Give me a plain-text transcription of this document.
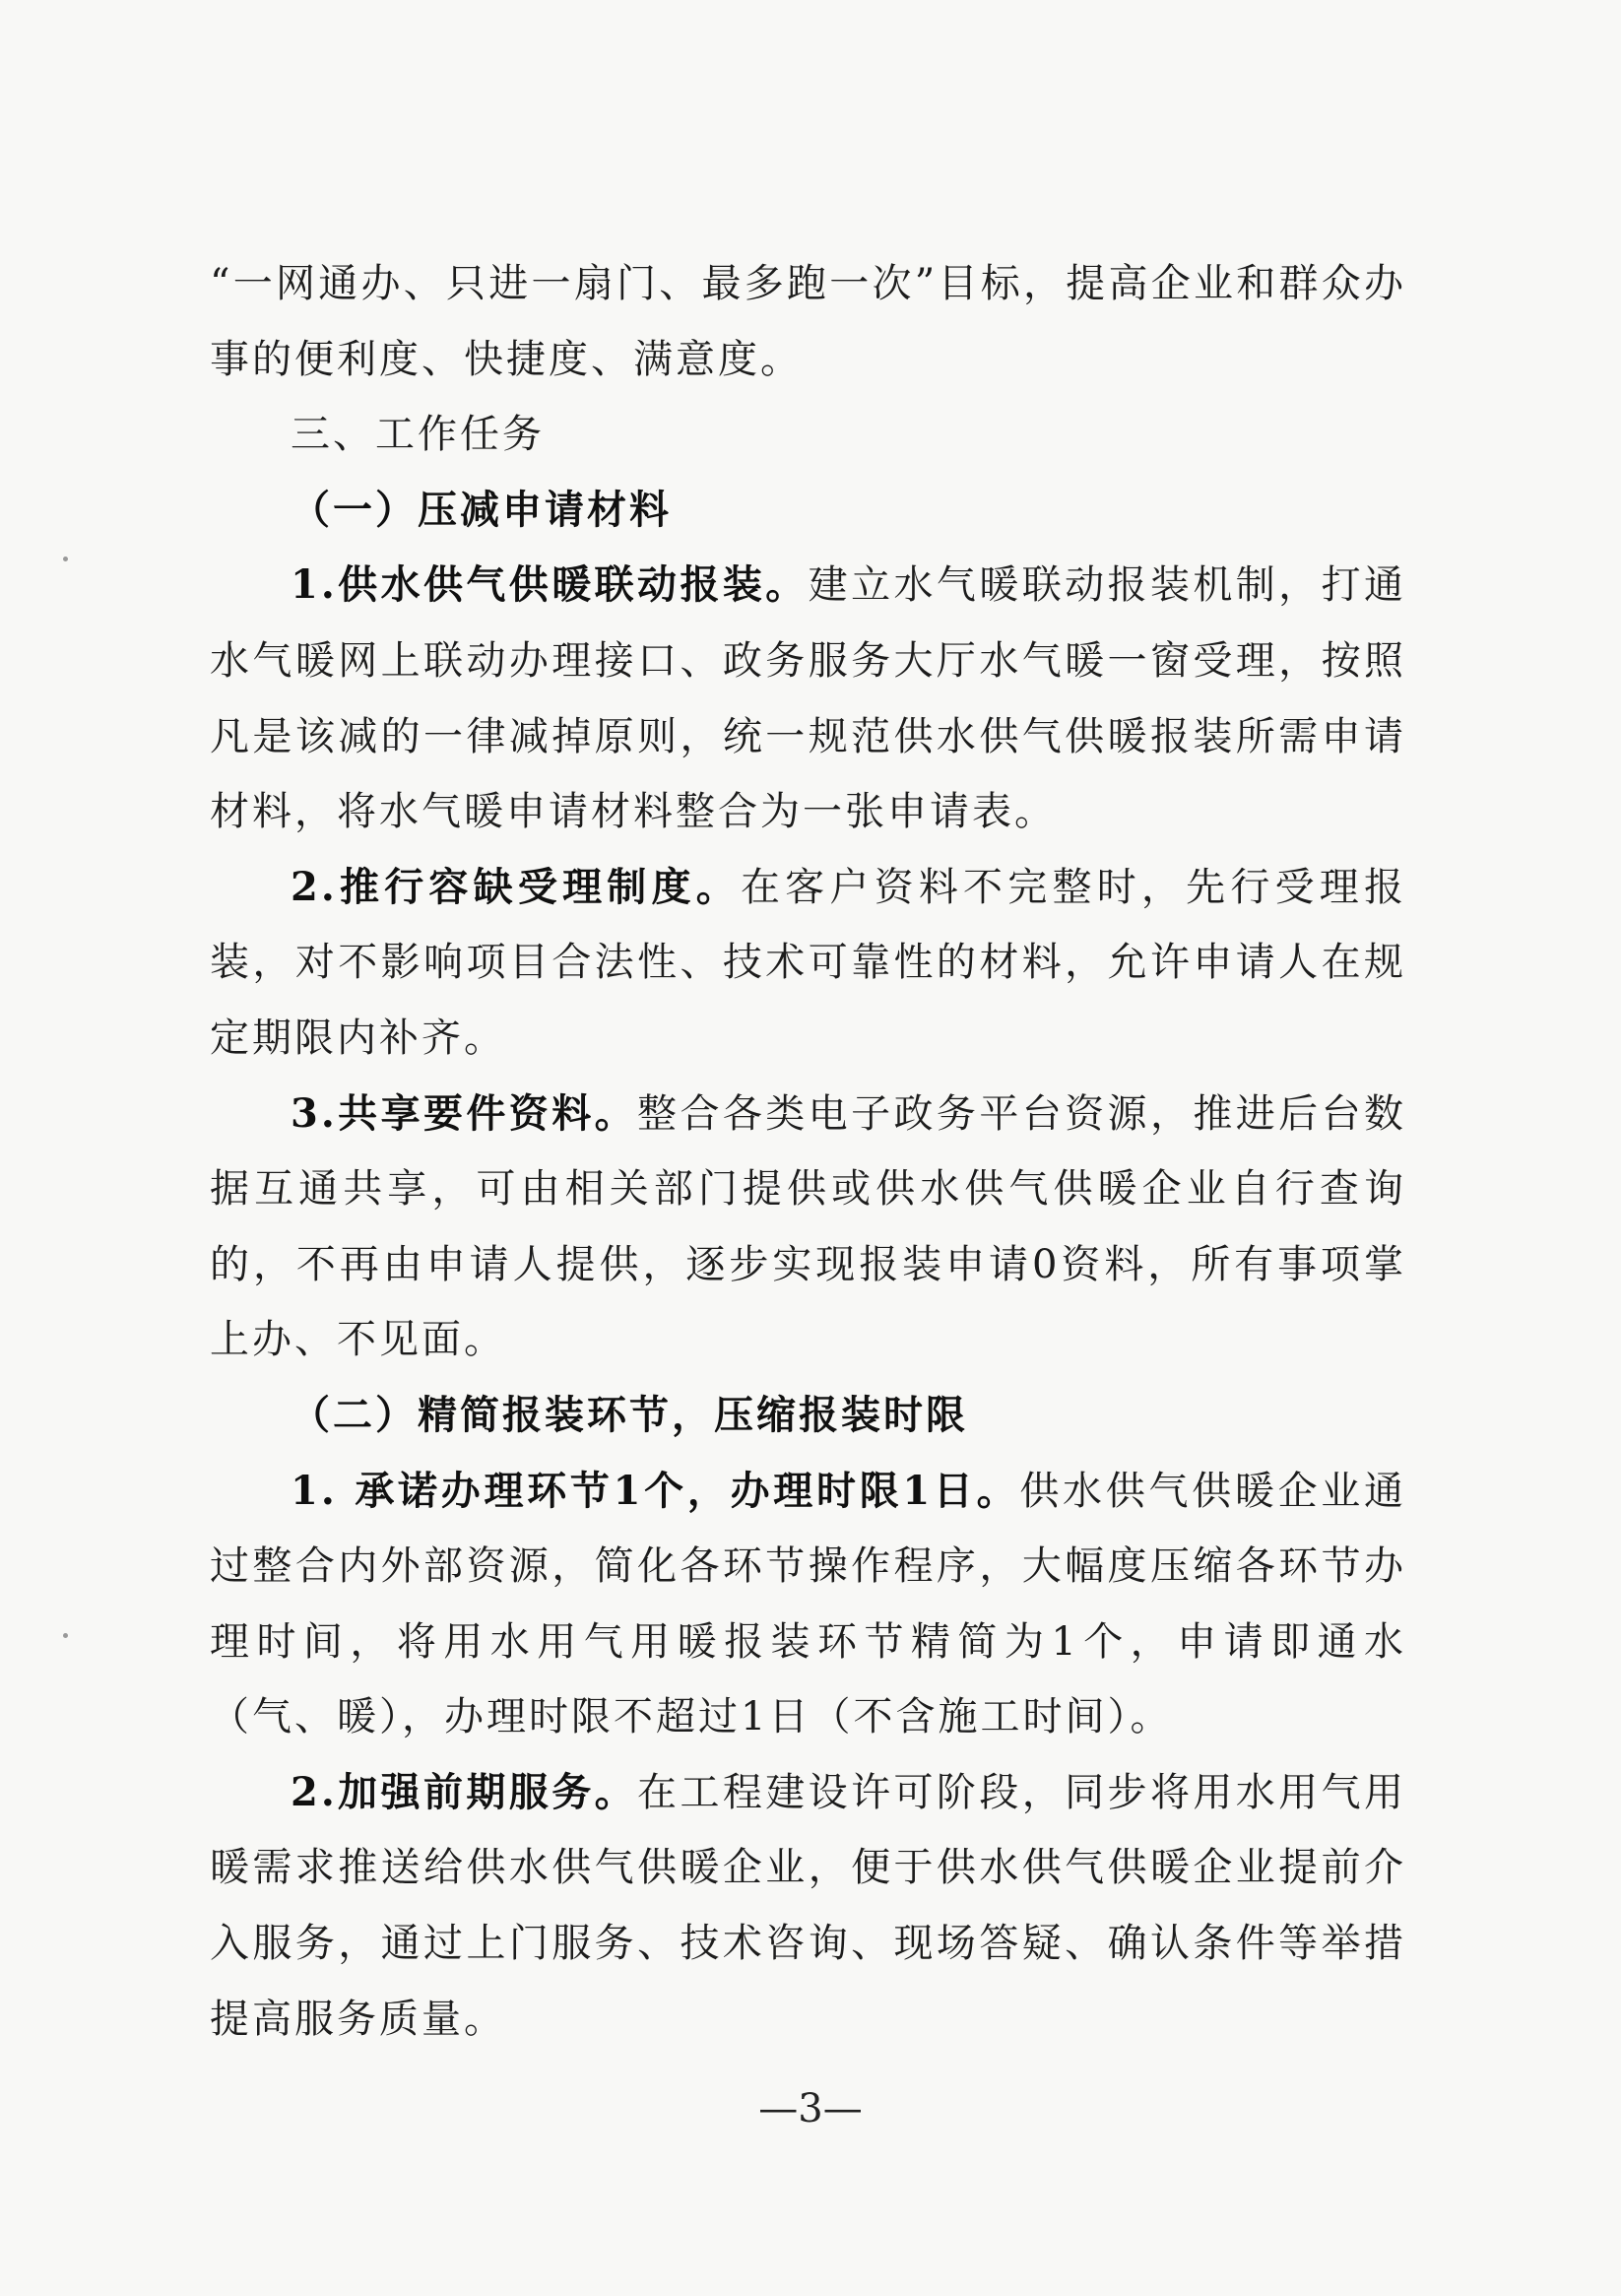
“一网通办、只进一扇门、最多跑一次”目标，提高企业和群众办事的便利度、快捷度、满意度。

三、工作任务

（一）压减申请材料

1.供水供气供暖联动报装。建立水气暖联动报装机制，打通水气暖网上联动办理接口、政务服务大厅水气暖一窗受理，按照凡是该减的一律减掉原则，统一规范供水供气供暖报装所需申请材料，将水气暖申请材料整合为一张申请表。

2.推行容缺受理制度。在客户资料不完整时，先行受理报装，对不影响项目合法性、技术可靠性的材料，允许申请人在规定期限内补齐。

3.共享要件资料。整合各类电子政务平台资源，推进后台数据互通共享，可由相关部门提供或供水供气供暖企业自行查询的，不再由申请人提供，逐步实现报装申请0资料，所有事项掌上办、不见面。

（二）精简报装环节，压缩报装时限

1. 承诺办理环节1个，办理时限1日。供水供气供暖企业通过整合内外部资源，简化各环节操作程序，大幅度压缩各环节办理时间，将用水用气用暖报装环节精简为1个，申请即通水（气、暖），办理时限不超过1日（不含施工时间）。

2.加强前期服务。在工程建设许可阶段，同步将用水用气用暖需求推送给供水供气供暖企业，便于供水供气供暖企业提前介入服务，通过上门服务、技术咨询、现场答疑、确认条件等举措提高服务质量。

—3—
